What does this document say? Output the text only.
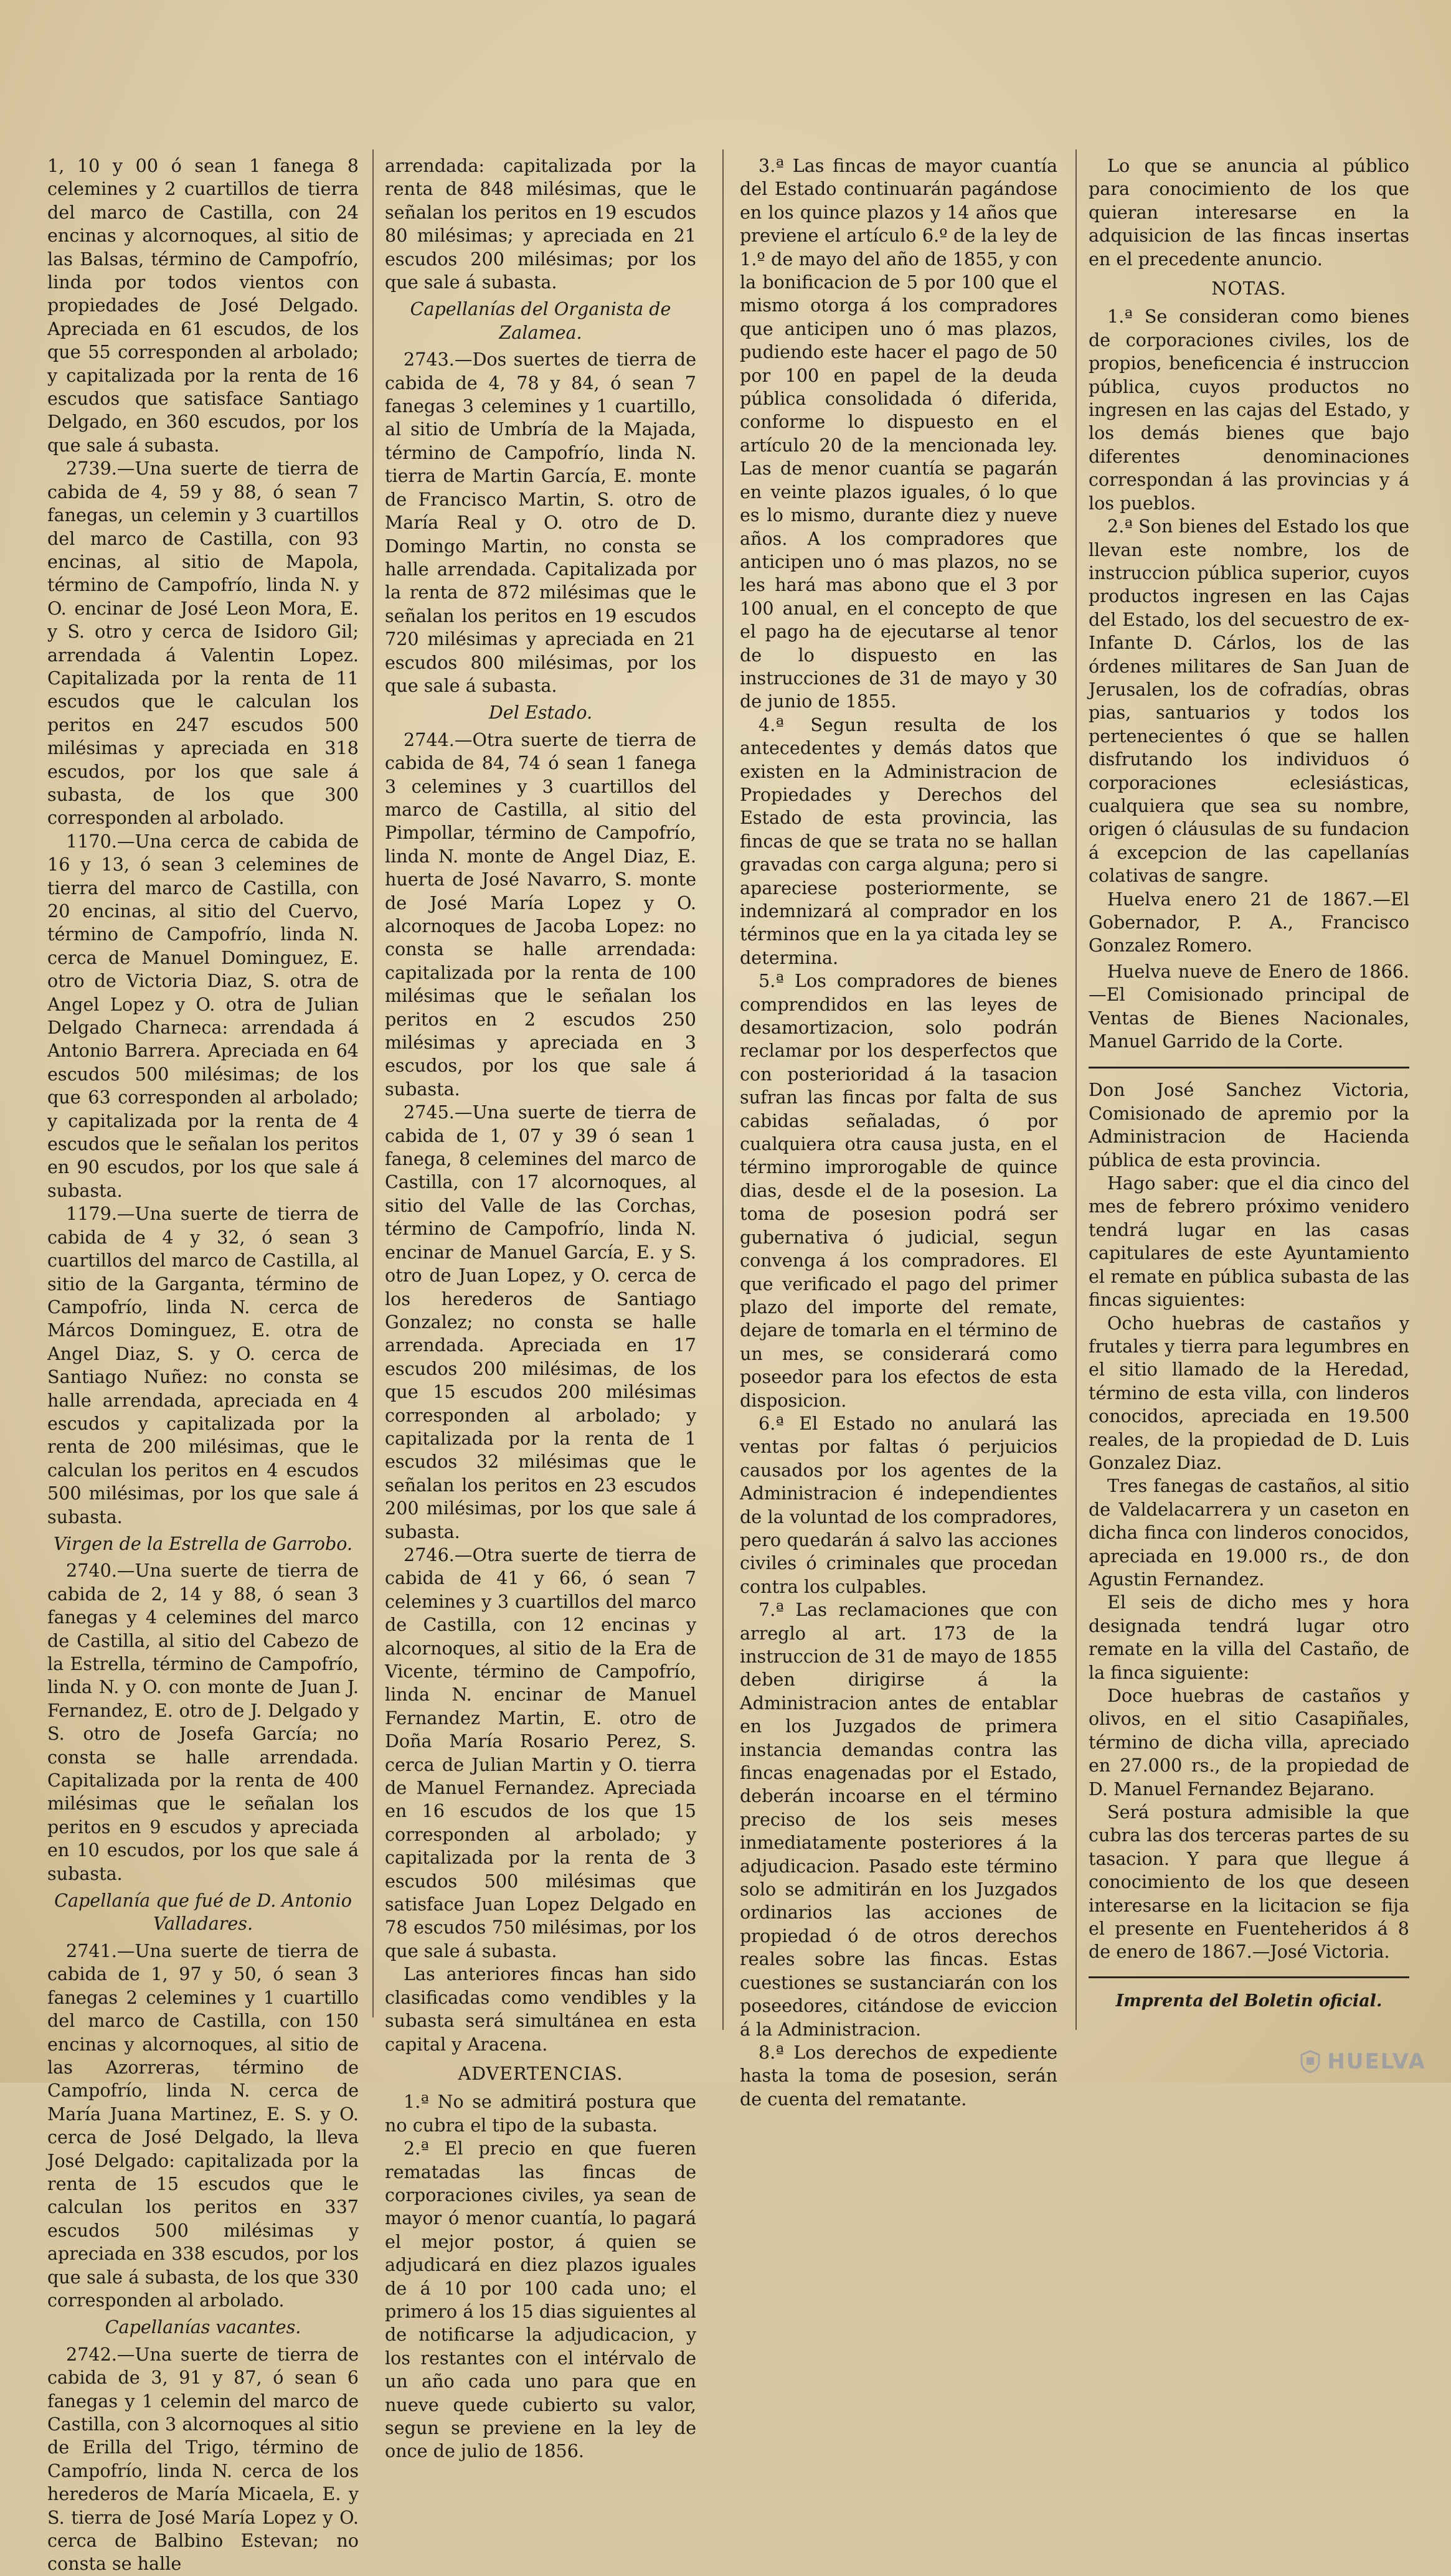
1, 10 y 00 ó sean 1 fanega 8 celemines y 2 cuartillos de tierra del marco de Castilla, con 24 encinas y alcornoques, al sitio de las Balsas, término de Campofrío, linda por todos vientos con propiedades de José Delgado. Apreciada en 61 escudos, de los que 55 corresponden al arbolado; y capitalizada por la renta de 16 escudos que satisface Santiago Delgado, en 360 escudos, por los que sale á subasta.

2739.—Una suerte de tierra de cabida de 4, 59 y 88, ó sean 7 fanegas, un celemin y 3 cuartillos del marco de Castilla, con 93 encinas, al sitio de Mapola, término de Campofrío, linda N. y O. encinar de José Leon Mora, E. y S. otro y cerca de Isidoro Gil; arrendada á Valentin Lopez. Capitalizada por la renta de 11 escudos que le calculan los peritos en 247 escudos 500 milésimas y apreciada en 318 escudos, por los que sale á subasta, de los que 300 corresponden al arbolado.

1170.—Una cerca de cabida de 16 y 13, ó sean 3 celemines de tierra del marco de Castilla, con 20 encinas, al sitio del Cuervo, término de Campofrío, linda N. cerca de Manuel Dominguez, E. otro de Victoria Diaz, S. otra de Angel Lopez y O. otra de Julian Delgado Charneca: arrendada á Antonio Barrera. Apreciada en 64 escudos 500 milésimas; de los que 63 corresponden al arbolado; y capitalizada por la renta de 4 escudos que le señalan los peritos en 90 escudos, por los que sale á subasta.

1179.—Una suerte de tierra de cabida de 4 y 32, ó sean 3 cuartillos del marco de Castilla, al sitio de la Garganta, término de Campofrío, linda N. cerca de Márcos Dominguez, E. otra de Angel Diaz, S. y O. cerca de Santiago Nuñez: no consta se halle arrendada, apreciada en 4 escudos y capitalizada por la renta de 200 milésimas, que le calculan los peritos en 4 escudos 500 milésimas, por los que sale á subasta.

Virgen de la Estrella de Garrobo.

2740.—Una suerte de tierra de cabida de 2, 14 y 88, ó sean 3 fanegas y 4 celemines del marco de Castilla, al sitio del Cabezo de la Estrella, término de Campofrío, linda N. y O. con monte de Juan J. Fernandez, E. otro de J. Delgado y S. otro de Josefa García; no consta se halle arrendada. Capitalizada por la renta de 400 milésimas que le señalan los peritos en 9 escudos y apreciada en 10 escudos, por los que sale á subasta.

Capellanía que fué de D. Antonio Valladares.

2741.—Una suerte de tierra de cabida de 1, 97 y 50, ó sean 3 fanegas 2 celemines y 1 cuartillo del marco de Castilla, con 150 encinas y alcornoques, al sitio de las Azorreras, término de Campofrío, linda N. cerca de María Juana Martinez, E. S. y O. cerca de José Delgado, la lleva José Delgado: capitalizada por la renta de 15 escudos que le calculan los peritos en 337 escudos 500 milésimas y apreciada en 338 escudos, por los que sale á subasta, de los que 330 corresponden al arbolado.

Capellanías vacantes.

2742.—Una suerte de tierra de cabida de 3, 91 y 87, ó sean 6 fanegas y 1 celemin del marco de Castilla, con 3 alcornoques al sitio de Erilla del Trigo, término de Campofrío, linda N. cerca de los herederos de María Micaela, E. y S. tierra de José María Lopez y O. cerca de Balbino Estevan; no consta se halle

arrendada: capitalizada por la renta de 848 milésimas, que le señalan los peritos en 19 escudos 80 milésimas; y apreciada en 21 escudos 200 milésimas; por los que sale á subasta.

Capellanías del Organista de Zalamea.

2743.—Dos suertes de tierra de cabida de 4, 78 y 84, ó sean 7 fanegas 3 celemines y 1 cuartillo, al sitio de Umbría de la Majada, término de Campofrío, linda N. tierra de Martin García, E. monte de Francisco Martin, S. otro de María Real y O. otro de D. Domingo Martin, no consta se halle arrendada. Capitalizada por la renta de 872 milésimas que le señalan los peritos en 19 escudos 720 milésimas y apreciada en 21 escudos 800 milésimas, por los que sale á subasta.

Del Estado.

2744.—Otra suerte de tierra de cabida de 84, 74 ó sean 1 fanega 3 celemines y 3 cuartillos del marco de Castilla, al sitio del Pimpollar, término de Campofrío, linda N. monte de Angel Diaz, E. huerta de José Navarro, S. monte de José María Lopez y O. alcornoques de Jacoba Lopez: no consta se halle arrendada: capitalizada por la renta de 100 milésimas que le señalan los peritos en 2 escudos 250 milésimas y apreciada en 3 escudos, por los que sale á subasta.

2745.—Una suerte de tierra de cabida de 1, 07 y 39 ó sean 1 fanega, 8 celemines del marco de Castilla, con 17 alcornoques, al sitio del Valle de las Corchas, término de Campofrío, linda N. encinar de Manuel García, E. y S. otro de Juan Lopez, y O. cerca de los herederos de Santiago Gonzalez; no consta se halle arrendada. Apreciada en 17 escudos 200 milésimas, de los que 15 escudos 200 milésimas corresponden al arbolado; y capitalizada por la renta de 1 escudos 32 milésimas que le señalan los peritos en 23 escudos 200 milésimas, por los que sale á subasta.

2746.—Otra suerte de tierra de cabida de 41 y 66, ó sean 7 celemines y 3 cuartillos del marco de Castilla, con 12 encinas y alcornoques, al sitio de la Era de Vicente, término de Campofrío, linda N. encinar de Manuel Fernandez Martin, E. otro de Doña María Rosario Perez, S. cerca de Julian Martin y O. tierra de Manuel Fernandez. Apreciada en 16 escudos de los que 15 corresponden al arbolado; y capitalizada por la renta de 3 escudos 500 milésimas que satisface Juan Lopez Delgado en 78 escudos 750 milésimas, por los que sale á subasta.

Las anteriores fincas han sido clasificadas como vendibles y la subasta será simultánea en esta capital y Aracena.

ADVERTENCIAS.

1.ª No se admitirá postura que no cubra el tipo de la subasta.

2.ª El precio en que fueren rematadas las fincas de corporaciones civiles, ya sean de mayor ó menor cuantía, lo pagará el mejor postor, á quien se adjudicará en diez plazos iguales de á 10 por 100 cada uno; el primero á los 15 dias siguientes al de notificarse la adjudicacion, y los restantes con el intérvalo de un año cada uno para que en nueve quede cubierto su valor, segun se previene en la ley de once de julio de 1856.

3.ª Las fincas de mayor cuantía del Estado continuarán pagándose en los quince plazos y 14 años que previene el artículo 6.º de la ley de 1.º de mayo del año de 1855, y con la bonificacion de 5 por 100 que el mismo otorga á los compradores que anticipen uno ó mas plazos, pudiendo este hacer el pago de 50 por 100 en papel de la deuda pública consolidada ó diferida, conforme lo dispuesto en el artículo 20 de la mencionada ley. Las de menor cuantía se pagarán en veinte plazos iguales, ó lo que es lo mismo, durante diez y nueve años. A los compradores que anticipen uno ó mas plazos, no se les hará mas abono que el 3 por 100 anual, en el concepto de que el pago ha de ejecutarse al tenor de lo dispuesto en las instrucciones de 31 de mayo y 30 de junio de 1855.

4.ª Segun resulta de los antecedentes y demás datos que existen en la Administracion de Propiedades y Derechos del Estado de esta provincia, las fincas de que se trata no se hallan gravadas con carga alguna; pero si apareciese posteriormente, se indemnizará al comprador en los términos que en la ya citada ley se determina.

5.ª Los compradores de bienes comprendidos en las leyes de desamortizacion, solo podrán reclamar por los desperfectos que con posterioridad á la tasacion sufran las fincas por falta de sus cabidas señaladas, ó por cualquiera otra causa justa, en el término improrogable de quince dias, desde el de la posesion. La toma de posesion podrá ser gubernativa ó judicial, segun convenga á los compradores. El que verificado el pago del primer plazo del importe del remate, dejare de tomarla en el término de un mes, se considerará como poseedor para los efectos de esta disposicion.

6.ª El Estado no anulará las ventas por faltas ó perjuicios causados por los agentes de la Administracion é independientes de la voluntad de los compradores, pero quedarán á salvo las acciones civiles ó criminales que procedan contra los culpables.

7.ª Las reclamaciones que con arreglo al art. 173 de la instruccion de 31 de mayo de 1855 deben dirigirse á la Administracion antes de entablar en los Juzgados de primera instancia demandas contra las fincas enagenadas por el Estado, deberán incoarse en el término preciso de los seis meses inmediatamente posteriores á la adjudicacion. Pasado este término solo se admitirán en los Juzgados ordinarios las acciones de propiedad ó de otros derechos reales sobre las fincas. Estas cuestiones se sustanciarán con los poseedores, citándose de eviccion á la Administracion.

8.ª Los derechos de expediente hasta la toma de posesion, serán de cuenta del rematante.

Lo que se anuncia al público para conocimiento de los que quieran interesarse en la adquisicion de las fincas insertas en el precedente anuncio.

NOTAS.

1.ª Se consideran como bienes de corporaciones civiles, los de propios, beneficencia é instruccion pública, cuyos productos no ingresen en las cajas del Estado, y los demás bienes que bajo diferentes denominaciones correspondan á las provincias y á los pueblos.

2.ª Son bienes del Estado los que llevan este nombre, los de instruccion pública superior, cuyos productos ingresen en las Cajas del Estado, los del secuestro de ex-Infante D. Cárlos, los de las órdenes militares de San Juan de Jerusalen, los de cofradías, obras pias, santuarios y todos los pertenecientes ó que se hallen disfrutando los individuos ó corporaciones eclesiásticas, cualquiera que sea su nombre, origen ó cláusulas de su fundacion á excepcion de las capellanías colativas de sangre.

Huelva enero 21 de 1867.—El Gobernador, P. A., Francisco Gonzalez Romero.

Huelva nueve de Enero de 1866.—El Comisionado principal de Ventas de Bienes Nacionales, Manuel Garrido de la Corte.

Don José Sanchez Victoria, Comisionado de apremio por la Administracion de Hacienda pública de esta provincia.

Hago saber: que el dia cinco del mes de febrero próximo venidero tendrá lugar en las casas capitulares de este Ayuntamiento el remate en pública subasta de las fincas siguientes:

Ocho huebras de castaños y frutales y tierra para legumbres en el sitio llamado de la Heredad, término de esta villa, con linderos conocidos, apreciada en 19.500 reales, de la propiedad de D. Luis Gonzalez Diaz.

Tres fanegas de castaños, al sitio de Valdelacarrera y un caseton en dicha finca con linderos conocidos, apreciada en 19.000 rs., de don Agustin Fernandez.

El seis de dicho mes y hora designada tendrá lugar otro remate en la villa del Castaño, de la finca siguiente:

Doce huebras de castaños y olivos, en el sitio Casapiñales, término de dicha villa, apreciado en 27.000 rs., de la propiedad de D. Manuel Fernandez Bejarano.

Será postura admisible la que cubra las dos terceras partes de su tasacion. Y para que llegue á conocimiento de los que deseen interesarse en la licitacion se fija el presente en Fuenteheridos á 8 de enero de 1867.—José Victoria.

Imprenta del Boletin oficial.
HUELVA
